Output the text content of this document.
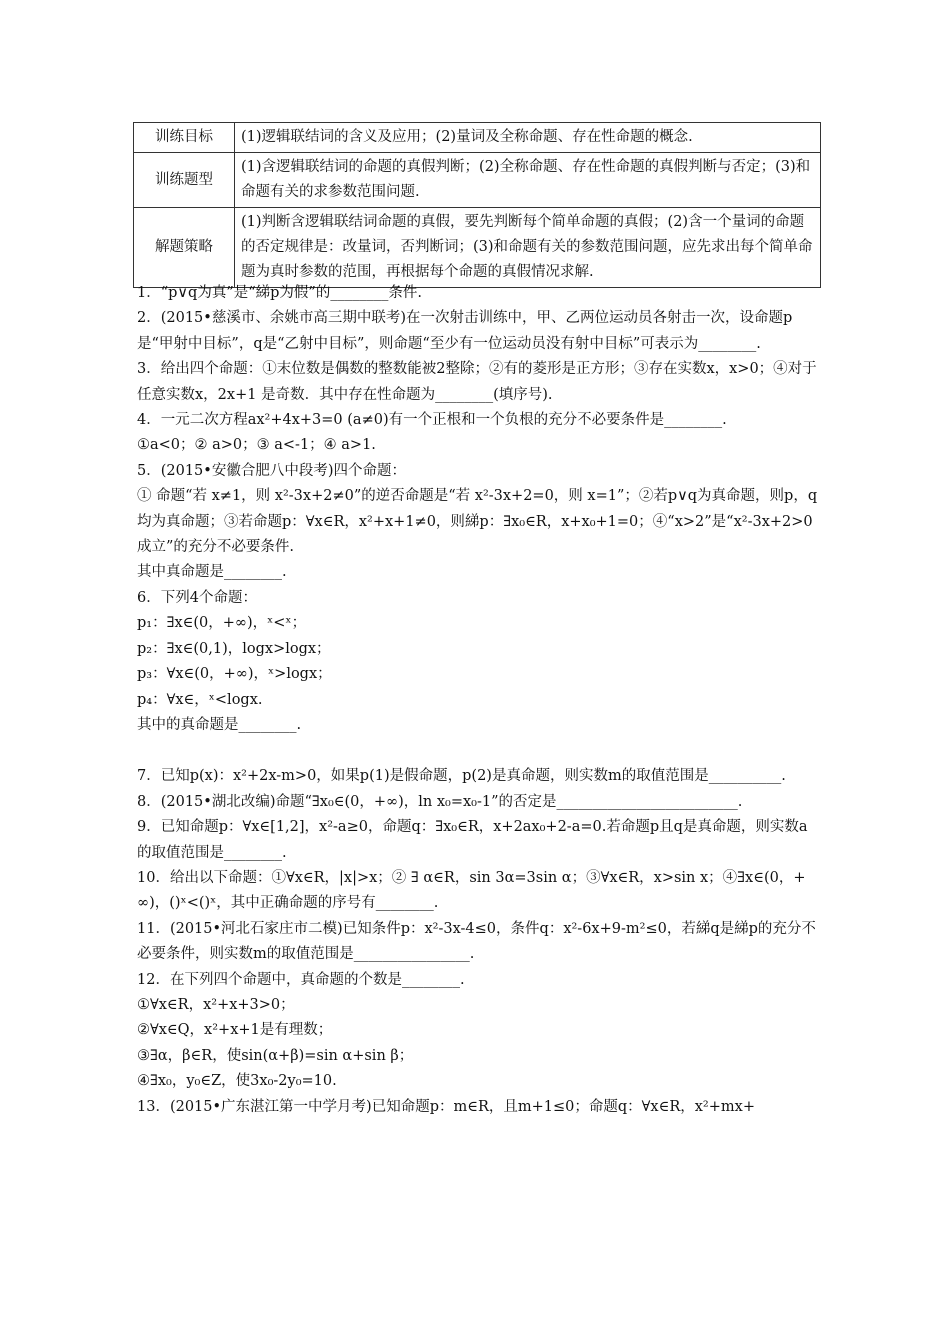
训练目标	(1)逻辑联结词的含义及应用；(2)量词及全称命题、存在性命题的概念.
训练题型	(1)含逻辑联结词的命题的真假判断；(2)全称命题、存在性命题的真假判断与否定；(3)和命题有关的求参数范围问题.
解题策略	(1)判断含逻辑联结词命题的真假，要先判断每个简单命题的真假；(2)含一个量词的命题的否定规律是：改量词，否判断词；(3)和命题有关的参数范围问题，应先求出每个简单命题为真时参数的范围，再根据每个命题的真假情况求解.

1．“p∨q为真”是“綈p为假”的________条件.

2．(2015•慈溪市、余姚市高三期中联考)在一次射击训练中，甲、乙两位运动员各射击一次，设命题p是“甲射中目标”，q是“乙射中目标”，则命题“至少有一位运动员没有射中目标”可表示为________.

3．给出四个命题：①末位数是偶数的整数能被2整除；②有的菱形是正方形；③存在实数x，x>0；④对于任意实数x，2x+1 是奇数．其中存在性命题为________(填序号).

4．一元二次方程ax²+4x+3=0 (a≠0)有一个正根和一个负根的充分不必要条件是________.

①a<0；② a>0；③ a<-1；④ a>1.

5．(2015•安徽合肥八中段考)四个命题：

① 命题“若 x≠1，则 x²-3x+2≠0”的逆否命题是“若 x²-3x+2=0，则 x=1”；②若p∨q为真命题，则p，q均为真命题；③若命题p：∀x∈R，x²+x+1≠0，则綈p：∃x₀∈R，x+x₀+1=0；④“x>2”是“x²-3x+2>0成立”的充分不必要条件.

其中真命题是________.

6．下列4个命题：

p₁：∃x∈(0，+∞)，ˣ<ˣ；

p₂：∃x∈(0,1)，logx>logx；

p₃：∀x∈(0，+∞)，ˣ>logx；

p₄：∀x∈，ˣ<logx.

其中的真命题是________.

7．已知p(x)：x²+2x-m>0，如果p(1)是假命题，p(2)是真命题，则实数m的取值范围是__________.

8．(2015•湖北改编)命题“∃x₀∈(0，+∞)，ln x₀=x₀-1”的否定是_________________________.

9．已知命题p：∀x∈[1,2]，x²-a≥0，命题q：∃x₀∈R，x+2ax₀+2-a=0.若命题p且q是真命题，则实数a的取值范围是________.

10．给出以下命题：①∀x∈R，|x|>x；② ∃ α∈R，sin 3α=3sin α；③∀x∈R，x>sin x；④∃x∈(0，+∞)，()ˣ<()ˣ，其中正确命题的序号有________.

11．(2015•河北石家庄市二模)已知条件p：x²-3x-4≤0，条件q：x²-6x+9-m²≤0，若綈q是綈p的充分不必要条件，则实数m的取值范围是________________.

12．在下列四个命题中，真命题的个数是________.

①∀x∈R，x²+x+3>0；

②∀x∈Q，x²+x+1是有理数；

③∃α，β∈R，使sin(α+β)=sin α+sin β；

④∃x₀，y₀∈Z，使3x₀-2y₀=10.

13．(2015•广东湛江第一中学月考)已知命题p：m∈R，且m+1≤0；命题q：∀x∈R，x²+mx+
